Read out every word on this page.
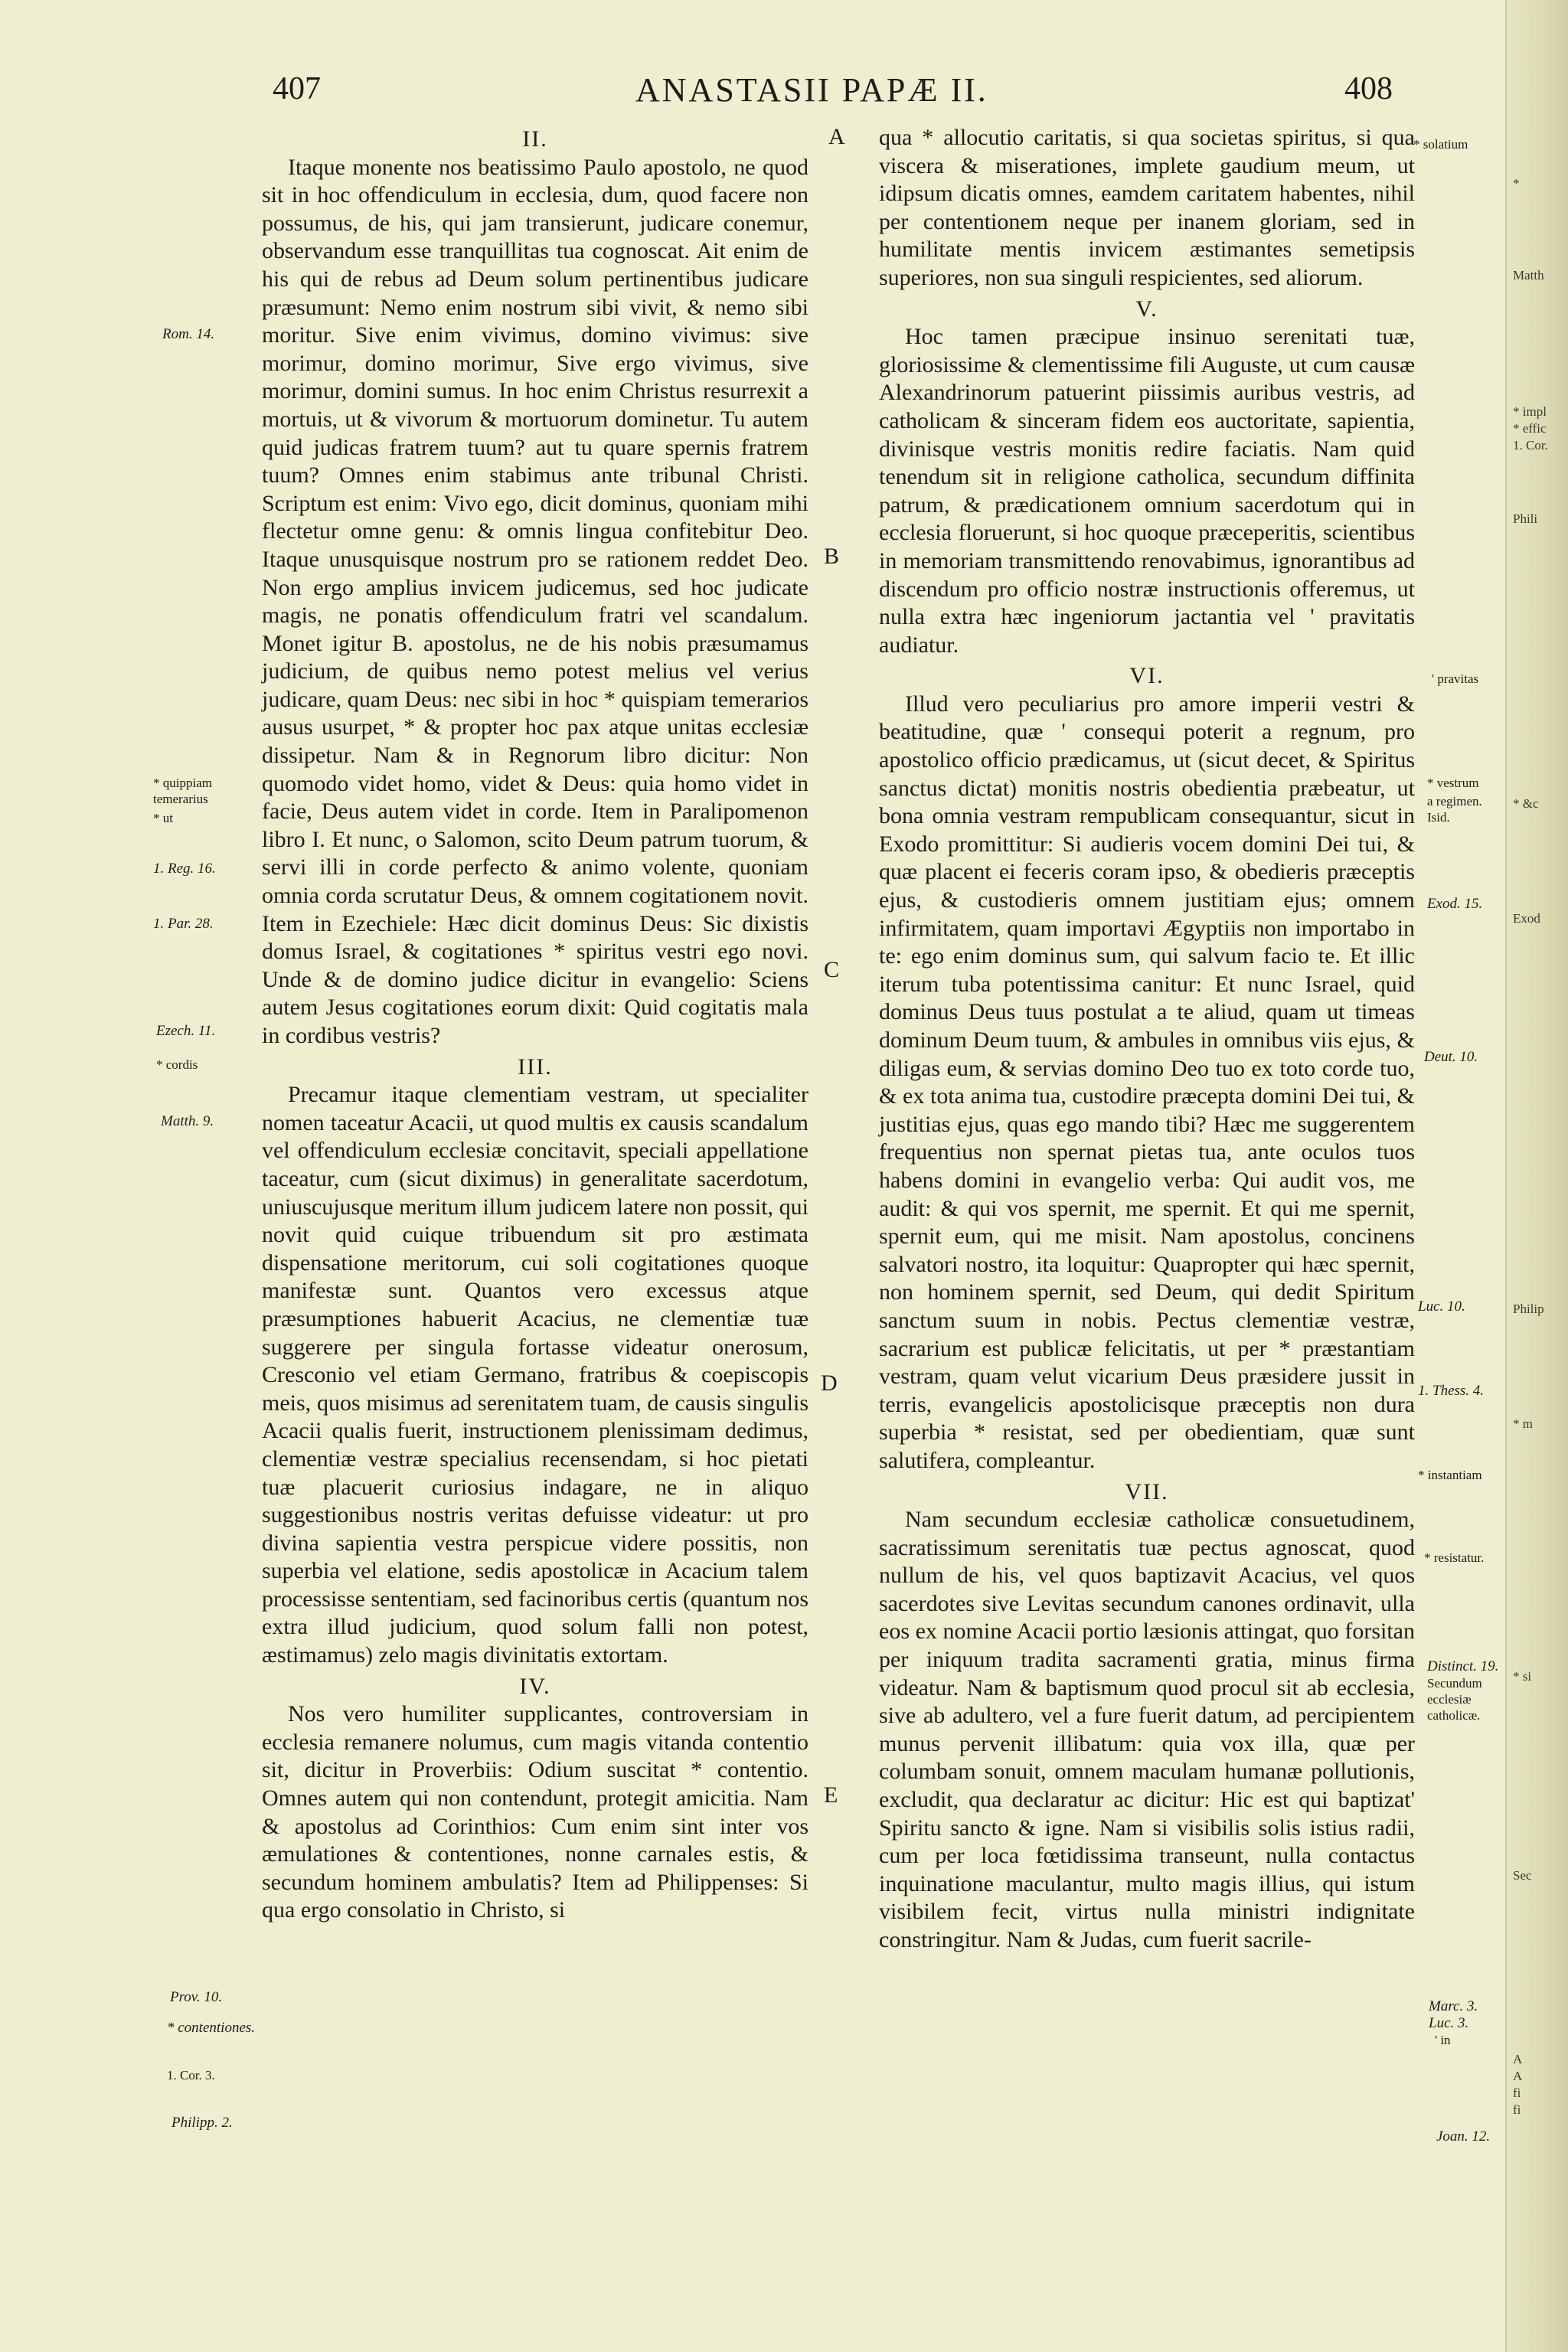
*
Matth
* impl
* effic
1. Cor.
Phili
* &c
Exod
Philip
* m
* si
Sec
A
A
fi
fi
407	ANASTASII PAPÆ II.	408

II.

Itaque monente nos beatissimo Paulo apostolo, ne quod sit in hoc offendiculum in ecclesia, dum, quod facere non possumus, de his, qui jam transierunt, judicare conemur, observandum esse tranquillitas tua cognoscat. Ait enim de his qui de rebus ad Deum solum pertinentibus judicare præsumunt: Nemo enim nostrum sibi vivit, & nemo sibi moritur. Sive enim vivimus, domino vivimus: sive morimur, domino morimur, Sive ergo vivimus, sive morimur, domini sumus. In hoc enim Christus resurrexit a mortuis, ut & vivorum & mortuorum dominetur. Tu autem quid judicas fratrem tuum? aut tu quare spernis fratrem tuum? Omnes enim stabimus ante tribunal Christi. Scriptum est enim: Vivo ego, dicit dominus, quoniam mihi flectetur omne genu: & omnis lingua confitebitur Deo. Itaque unusquisque nostrum pro se rationem reddet Deo. Non ergo amplius invicem judicemus, sed hoc judicate magis, ne ponatis offendiculum fratri vel scandalum. Monet igitur B. apostolus, ne de his nobis præsumamus judicium, de quibus nemo potest melius vel verius judicare, quam Deus: nec sibi in hoc * quispiam temerarios ausus usurpet, * & propter hoc pax atque unitas ecclesiæ dissipetur. Nam & in Regnorum libro dicitur: Non quomodo videt homo, videt & Deus: quia homo videt in facie, Deus autem videt in corde. Item in Paralipomenon libro I. Et nunc, o Salomon, scito Deum patrum tuorum, & servi illi in corde perfecto & animo volente, quoniam omnia corda scrutatur Deus, & omnem cogitationem novit. Item in Ezechiele: Hæc dicit dominus Deus: Sic dixistis domus Israel, & cogitationes * spiritus vestri ego novi. Unde & de domino judice dicitur in evangelio: Sciens autem Jesus cogitationes eorum dixit: Quid cogitatis mala in cordibus vestris?

III.

Precamur itaque clementiam vestram, ut specialiter nomen taceatur Acacii, ut quod multis ex causis scandalum vel offendiculum ecclesiæ concitavit, speciali appellatione taceatur, cum (sicut diximus) in generalitate sacerdotum, uniuscujusque meritum illum judicem latere non possit, qui novit quid cuique tribuendum sit pro æstimata dispensatione meritorum, cui soli cogitationes quoque manifestæ sunt. Quantos vero excessus atque præsumptiones habuerit Acacius, ne clementiæ tuæ suggerere per singula fortasse videatur onerosum, Cresconio vel etiam Germano, fratribus & coepiscopis meis, quos misimus ad serenitatem tuam, de causis singulis Acacii qualis fuerit, instructionem plenissimam dedimus, clementiæ vestræ specialius recensendam, si hoc pietati tuæ placuerit curiosius indagare, ne in aliquo suggestionibus nostris veritas defuisse videatur: ut pro divina sapientia vestra perspicue videre possitis, non superbia vel elatione, sedis apostolicæ in Acacium talem processisse sententiam, sed facinoribus certis (quantum nos extra illud judicium, quod solum falli non potest, æstimamus) zelo magis divinitatis extortam.

IV.

Nos vero humiliter supplicantes, controversiam in ecclesia remanere nolumus, cum magis vitanda contentio sit, dicitur in Proverbiis: Odium suscitat * contentio. Omnes autem qui non contendunt, protegit amicitia. Nam & apostolus ad Corinthios: Cum enim sint inter vos æmulationes & contentiones, nonne carnales estis, & secundum hominem ambulatis? Item ad Philippenses: Si qua ergo consolatio in Christo, si

qua * allocutio caritatis, si qua societas spiritus, si qua viscera & miserationes, implete gaudium meum, ut idipsum dicatis omnes, eamdem caritatem habentes, nihil per contentionem neque per inanem gloriam, sed in humilitate mentis invicem æstimantes semetipsis superiores, non sua singuli respicientes, sed aliorum.

V.

Hoc tamen præcipue insinuo serenitati tuæ, gloriosissime & clementissime fili Auguste, ut cum causæ Alexandrinorum patuerint piissimis auribus vestris, ad catholicam & sinceram fidem eos auctoritate, sapientia, divinisque vestris monitis redire faciatis. Nam quid tenendum sit in religione catholica, secundum diffinita patrum, & prædicationem omnium sacerdotum qui in ecclesia floruerunt, si hoc quoque præceperitis, scientibus in memoriam transmittendo renovabimus, ignorantibus ad discendum pro officio nostræ instructionis offeremus, ut nulla extra hæc ingeniorum jactantia vel ' pravitatis audiatur.

VI.

Illud vero peculiarius pro amore imperii vestri & beatitudine, quæ ' consequi poterit a regnum, pro apostolico officio prædicamus, ut (sicut decet, & Spiritus sanctus dictat) monitis nostris obedientia præbeatur, ut bona omnia vestram rempublicam consequantur, sicut in Exodo promittitur: Si audieris vocem domini Dei tui, & quæ placent ei feceris coram ipso, & obedieris præceptis ejus, & custodieris omnem justitiam ejus; omnem infirmitatem, quam importavi Ægyptiis non importabo in te: ego enim dominus sum, qui salvum facio te. Et illic iterum tuba potentissima canitur: Et nunc Israel, quid dominus Deus tuus postulat a te aliud, quam ut timeas dominum Deum tuum, & ambules in omnibus viis ejus, & diligas eum, & servias domino Deo tuo ex toto corde tuo, & ex tota anima tua, custodire præcepta domini Dei tui, & justitias ejus, quas ego mando tibi? Hæc me suggerentem frequentius non spernat pietas tua, ante oculos tuos habens domini in evangelio verba: Qui audit vos, me audit: & qui vos spernit, me spernit. Et qui me spernit, spernit eum, qui me misit. Nam apostolus, concinens salvatori nostro, ita loquitur: Quapropter qui hæc spernit, non hominem spernit, sed Deum, qui dedit Spiritum sanctum suum in nobis. Pectus clementiæ vestræ, sacrarium est publicæ felicitatis, ut per * præstantiam vestram, quam velut vicarium Deus præsidere jussit in terris, evangelicis apostolicisque præceptis non dura superbia * resistat, sed per obedientiam, quæ sunt salutifera, compleantur.

VII.

Nam secundum ecclesiæ catholicæ consuetudinem, sacratissimum serenitatis tuæ pectus agnoscat, quod nullum de his, vel quos baptizavit Acacius, vel quos sacerdotes sive Levitas secundum canones ordinavit, ulla eos ex nomine Acacii portio læsionis attingat, quo forsitan per iniquum tradita sacramenti gratia, minus firma videatur. Nam & baptismum quod procul sit ab ecclesia, sive ab adultero, vel a fure fuerit datum, ad percipientem munus pervenit illibatum: quia vox illa, quæ per columbam sonuit, omnem maculam humanæ pollutionis, excludit, qua declaratur ac dicitur: Hic est qui baptizat' Spiritu sancto & igne. Nam si visibilis solis istius radii, cum per loca fœtidissima transeunt, nulla contactus inquinatione maculantur, multo magis illius, qui istum visibilem fecit, virtus nulla ministri indignitate constringitur. Nam & Judas, cum fuerit sacrile-

A
B
C
D
E
Rom. 14.
* quippiam temerarius
* ut
1. Reg. 16.
1. Par. 28.
Ezech. 11.
* cordis
Matth. 9.
Prov. 10.
* contentiones.
1. Cor. 3.
Philipp. 2.
* solatium
' pravitas
* vestrum
a regimen. Isid.
Exod. 15.
Deut. 10.
Luc. 10.
1. Thess. 4.
* instantiam
* resistatur.
Distinct. 19.
Secundum ecclesiæ catholicæ.
Marc. 3.
Luc. 3.
' in
Joan. 12.
